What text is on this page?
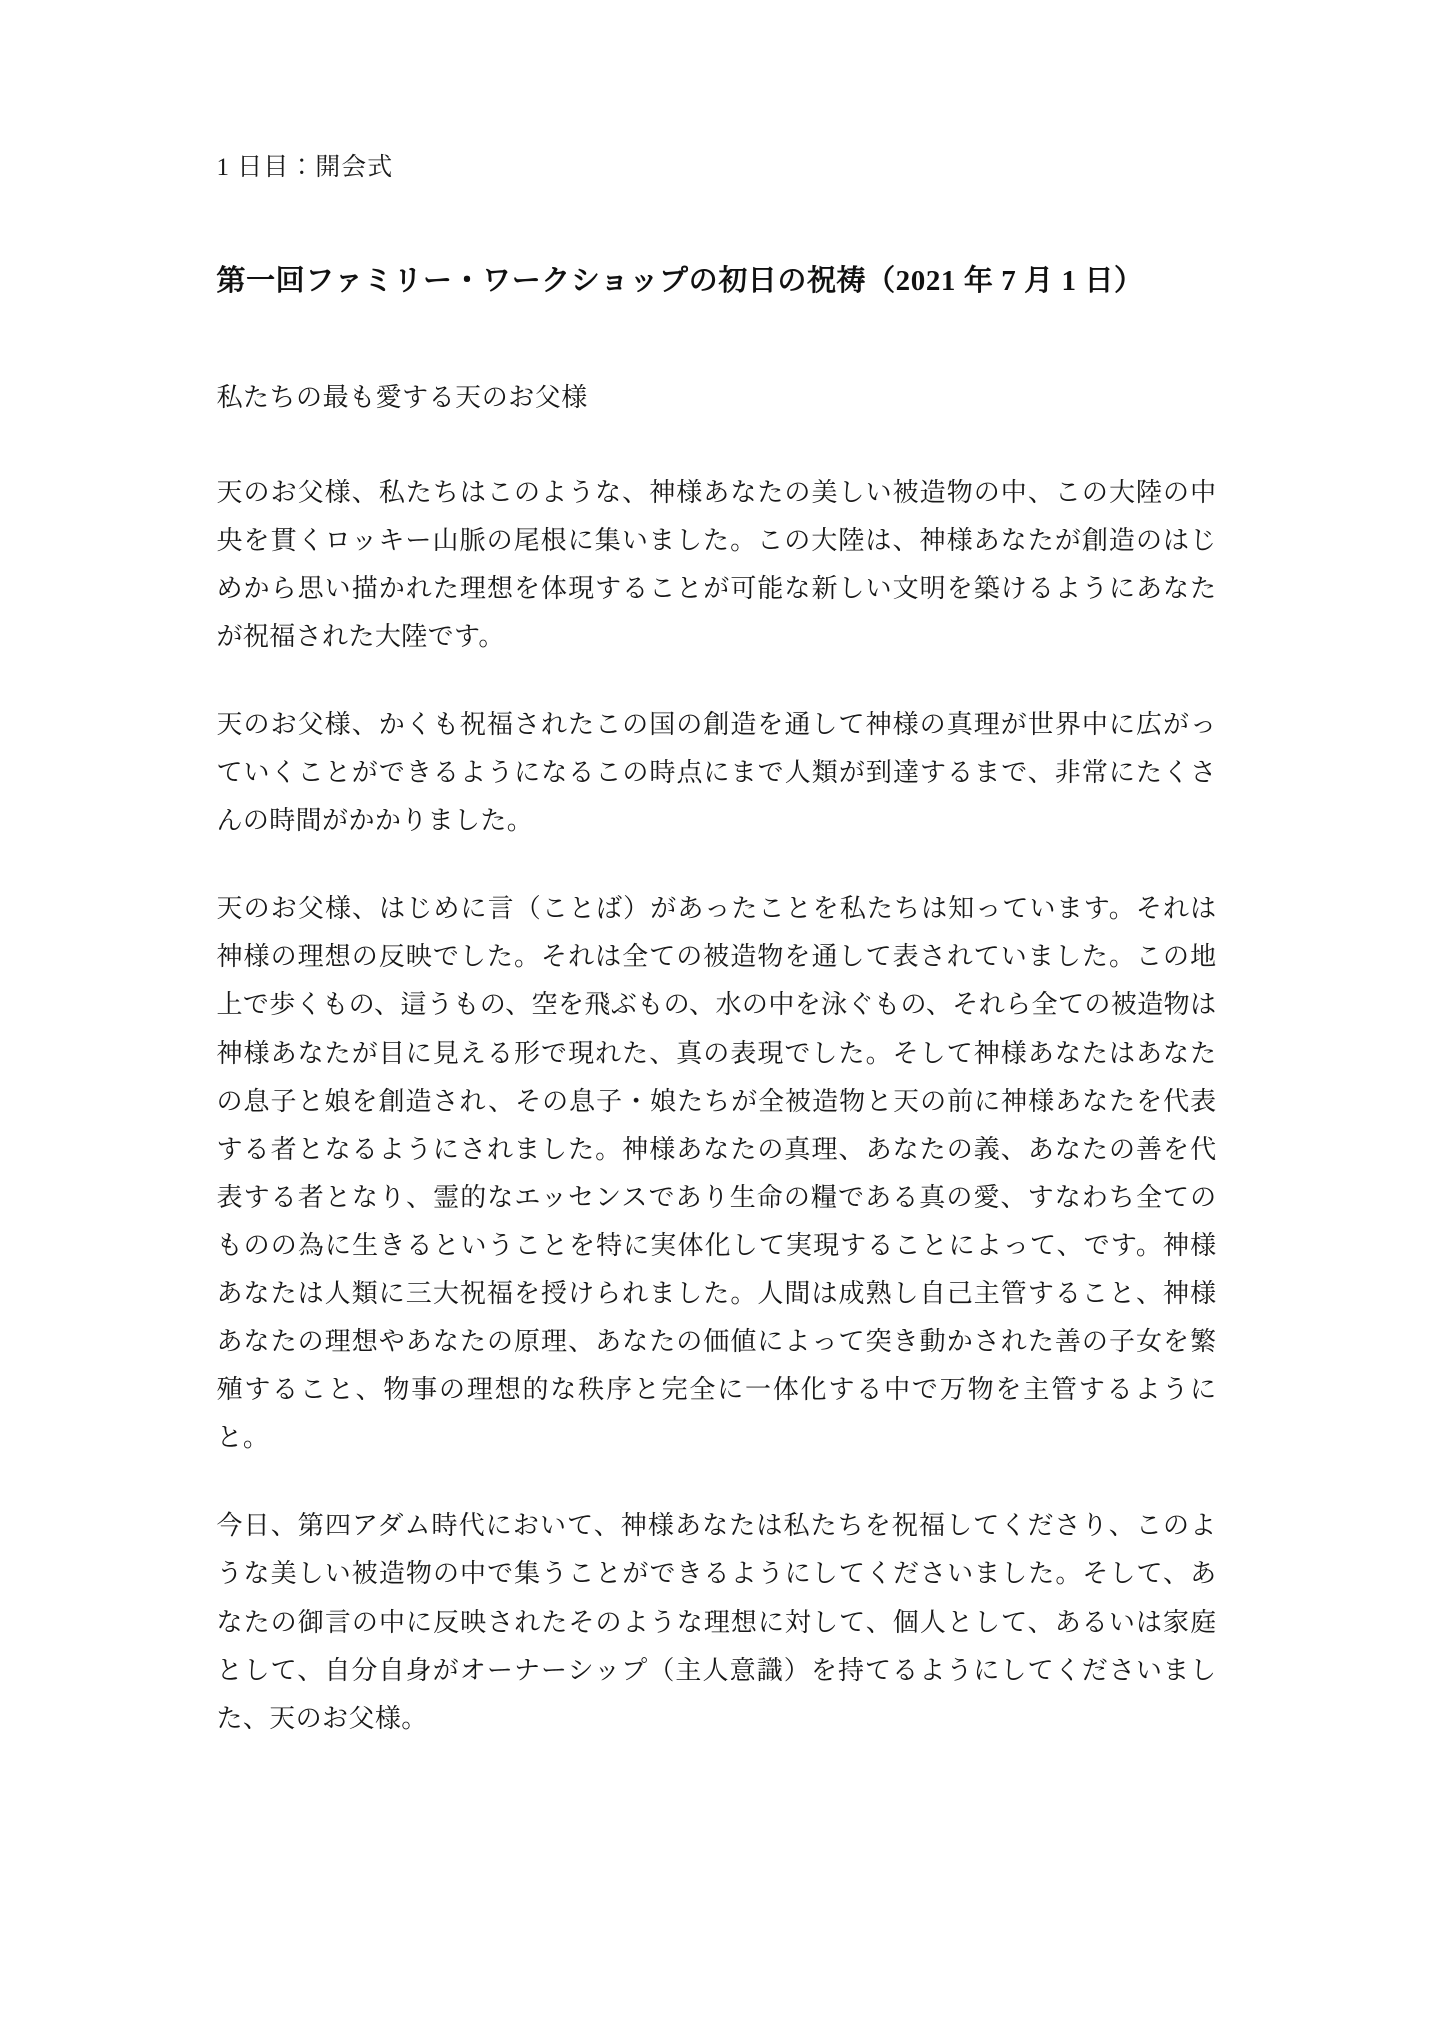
1 日目：開会式
第一回ファミリー・ワークショップの初日の祝祷（2021 年 7 月 1 日）

私たちの最も愛する天のお父様

天のお父様、私たちはこのような、神様あなたの美しい被造物の中、この大陸の中央を貫くロッキー山脈の尾根に集いました。この大陸は、神様あなたが創造のはじめから思い描かれた理想を体現することが可能な新しい文明を築けるようにあなたが祝福された大陸です。

天のお父様、かくも祝福されたこの国の創造を通して神様の真理が世界中に広がっていくことができるようになるこの時点にまで人類が到達するまで、非常にたくさんの時間がかかりました。

天のお父様、はじめに言（ことば）があったことを私たちは知っています。それは神様の理想の反映でした。それは全ての被造物を通して表されていました。この地上で歩くもの、這うもの、空を飛ぶもの、水の中を泳ぐもの、それら全ての被造物は神様あなたが目に見える形で現れた、真の表現でした。そして神様あなたはあなたの息子と娘を創造され、その息子・娘たちが全被造物と天の前に神様あなたを代表する者となるようにされました。神様あなたの真理、あなたの義、あなたの善を代表する者となり、霊的なエッセンスであり生命の糧である真の愛、すなわち全てのものの為に生きるということを特に実体化して実現することによって、です。神様あなたは人類に三大祝福を授けられました。人間は成熟し自己主管すること、神様あなたの理想やあなたの原理、あなたの価値によって突き動かされた善の子女を繁殖すること、物事の理想的な秩序と完全に一体化する中で万物を主管するようにと。

今日、第四アダム時代において、神様あなたは私たちを祝福してくださり、このような美しい被造物の中で集うことができるようにしてくださいました。そして、あなたの御言の中に反映されたそのような理想に対して、個人として、あるいは家庭として、自分自身がオーナーシップ（主人意識）を持てるようにしてくださいました、天のお父様。
